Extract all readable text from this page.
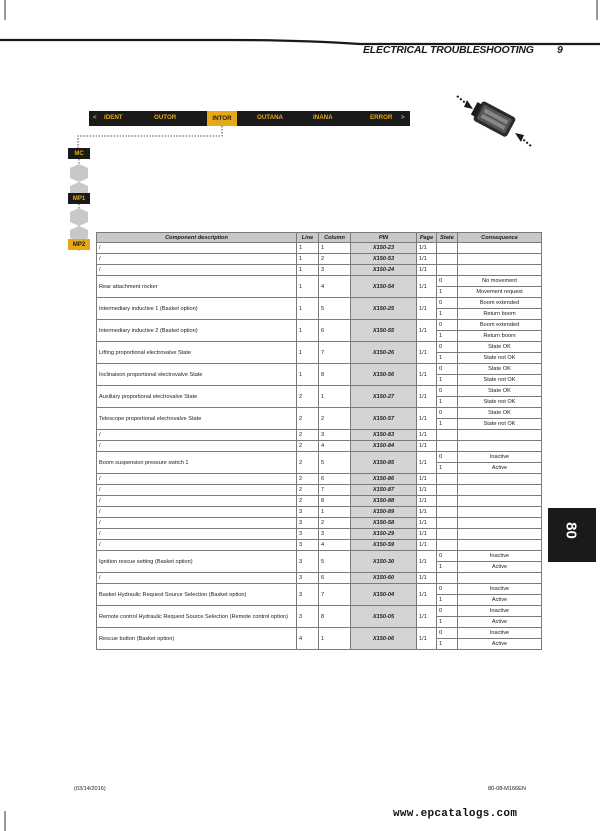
ELECTRICAL TROUBLESHOOTING 9
< IDENT	OUTOR	INTOR	OUTANA	INANA	ERROR >
MC
MP1
MP2
Component description	Line	Column	PIN	Page	State	Consequence
/	1	1	X150-23	1/1		
/	1	2	X150-53	1/1		
/	1	3	X150-24	1/1		
Rear attachment rocker	1	4	X150-54	1/1	0	No movement
					1	Movement request
Intermediary inductive 1 (Basket option)	1	5	X150-25	1/1	0	Boom extended
					1	Return boom
Intermediary inductive 2 (Basket option)	1	6	X150-55	1/1	0	Boom extended
					1	Return boom
Lifting proportional electrovalve State	1	7	X150-26	1/1	0	State OK
					1	State not OK
Inclinaison proportional electrovalve State	1	8	X150-56	1/1	0	State OK
					1	State not OK
Auxiliary proportional electrovalve State	2	1	X150-27	1/1	0	State OK
					1	State not OK
Telescope proportional electrovalve State	2	2	X150-57	1/1	0	State OK
					1	State not OK
/	2	3	X150-83	1/1		
/	2	4	X150-84	1/1		
Boom suspension pressure switch 1	2	5	X150-85	1/1	0	Inactive
					1	Active
/	2	6	X150-86	1/1		
/	2	7	X150-87	1/1		
/	2	8	X150-88	1/1		
/	3	1	X150-89	1/1		
/	3	2	X150-58	1/1		
/	3	3	X150-29	1/1		
/	3	4	X150-59	1/1		
Ignition rescue setting (Basket option)	3	5	X150-30	1/1	0	Inactive
					1	Active
/	3	6	X150-60	1/1		
Basket Hydraulic Request Source Selection (Basket option)	3	7	X150-04	1/1	0	Inactive
					1	Active
Remote control Hydraulic Request Source Selection (Remote control option)	3	8	X150-05	1/1	0	Inactive
					1	Active
Rescue button (Basket option)	4	1	X150-06	1/1	0	Inactive
					1	Active
80
(03/14/2016)	80-08-M166EN
www.epcatalogs.com
